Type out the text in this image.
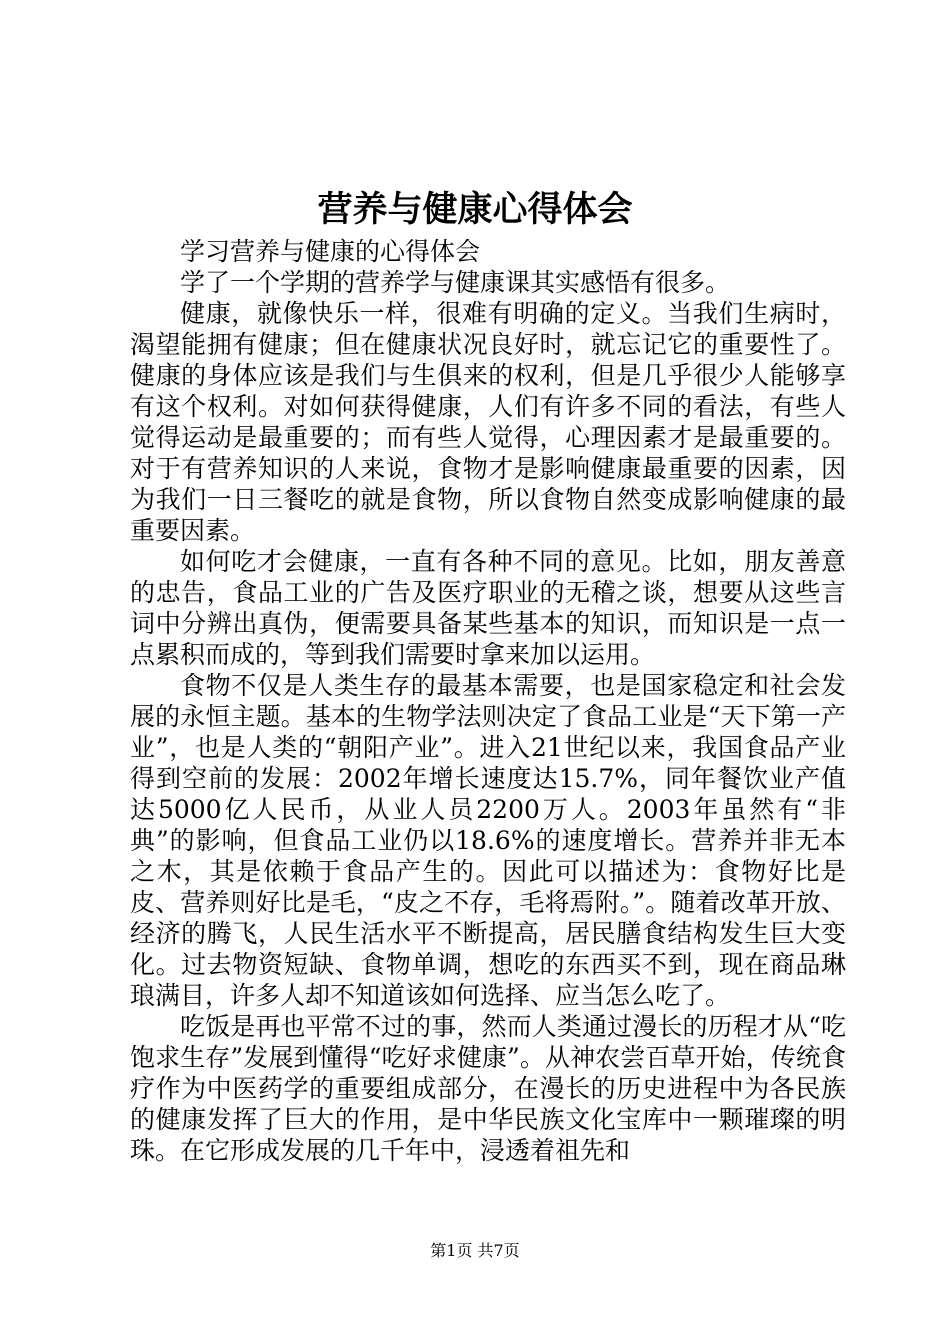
营养与健康心得体会

学习营养与健康的心得体会

学了一个学期的营养学与健康课其实感悟有很多。

健康，就像快乐一样，很难有明确的定义。当我们生病时，渴望能拥有健康；但在健康状况良好时，就忘记它的重要性了。健康的身体应该是我们与生俱来的权利，但是几乎很少人能够享有这个权利。对如何获得健康，人们有许多不同的看法，有些人觉得运动是最重要的；而有些人觉得，心理因素才是最重要的。对于有营养知识的人来说，食物才是影响健康最重要的因素，因为我们一日三餐吃的就是食物，所以食物自然变成影响健康的最重要因素。

如何吃才会健康，一直有各种不同的意见。比如，朋友善意的忠告，食品工业的广告及医疗职业的无稽之谈，想要从这些言词中分辨出真伪，便需要具备某些基本的知识，而知识是一点一点累积而成的，等到我们需要时拿来加以运用。

食物不仅是人类生存的最基本需要，也是国家稳定和社会发展的永恒主题。基本的生物学法则决定了食品工业是“天下第一产业”，也是人类的“朝阳产业”。进入21世纪以来，我国食品产业得到空前的发展：2002年增长速度达15.7%，同年餐饮业产值达5000亿人民币，从业人员2200万人。2003年虽然有“非典”的影响，但食品工业仍以18.6%的速度增长。营养并非无本之木，其是依赖于食品产生的。因此可以描述为：食物好比是皮、营养则好比是毛，“皮之不存，毛将焉附。”。随着改革开放、经济的腾飞，人民生活水平不断提高，居民膳食结构发生巨大变化。过去物资短缺、食物单调，想吃的东西买不到，现在商品琳琅满目，许多人却不知道该如何选择、应当怎么吃了。

吃饭是再也平常不过的事，然而人类通过漫长的历程才从“吃饱求生存”发展到懂得“吃好求健康”。从神农尝百草开始，传统食疗作为中医药学的重要组成部分，在漫长的历史进程中为各民族的健康发挥了巨大的作用，是中华民族文化宝库中一颗璀璨的明珠。在它形成发展的几千年中，浸透着祖先和

第1页 共7页
